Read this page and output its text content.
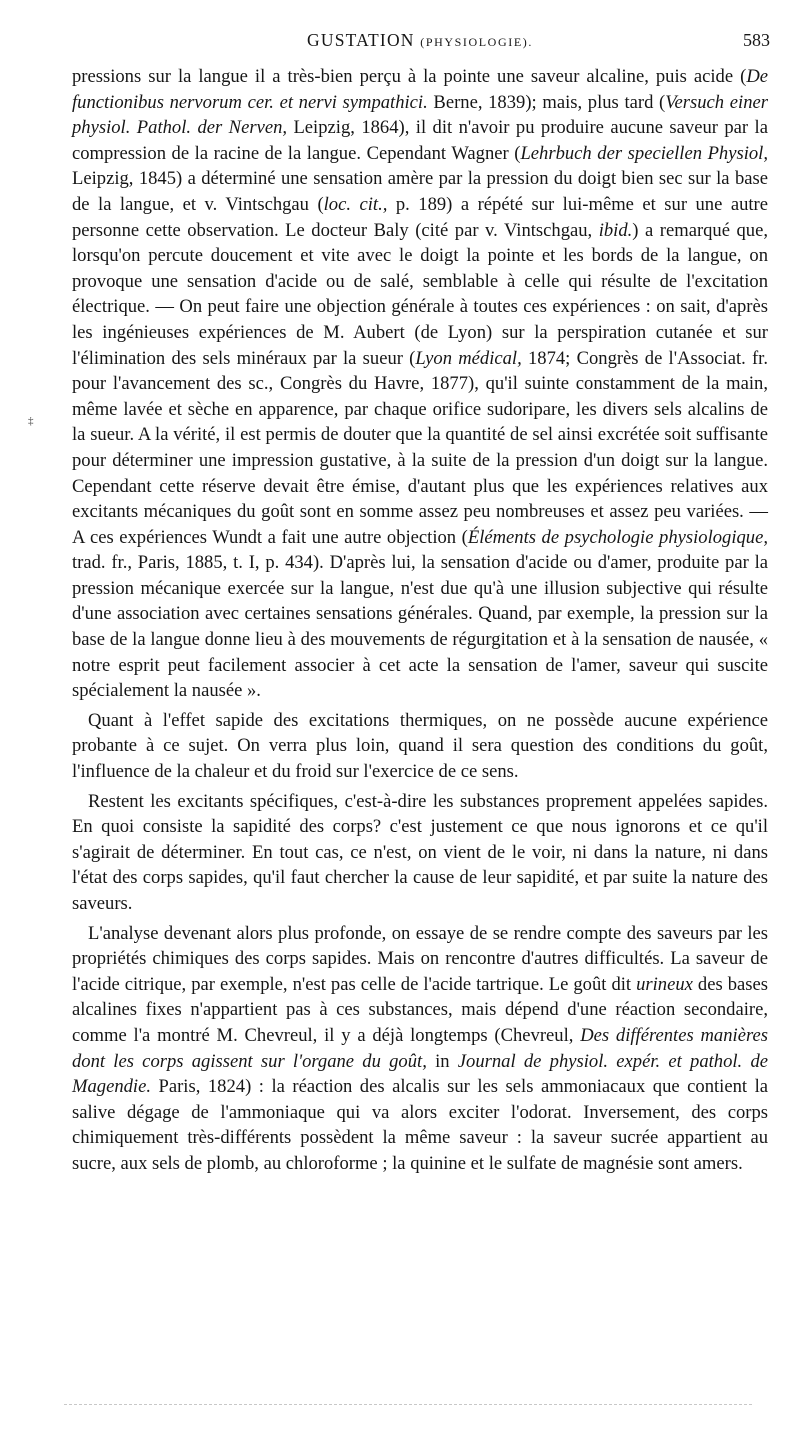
‡
GUSTATION (PHYSIOLOGIE).	583

pressions sur la langue il a très-bien perçu à la pointe une saveur alcaline, puis acide (De functionibus nervorum cer. et nervi sympathici. Berne, 1839); mais, plus tard (Versuch einer physiol. Pathol. der Nerven, Leipzig, 1864), il dit n'avoir pu produire aucune saveur par la compression de la racine de la langue. Cependant Wagner (Lehrbuch der speciellen Physiol, Leipzig, 1845) a déterminé une sensation amère par la pression du doigt bien sec sur la base de la langue, et v. Vintschgau (loc. cit., p. 189) a répété sur lui-même et sur une autre personne cette observation. Le docteur Baly (cité par v. Vintschgau, ibid.) a remarqué que, lorsqu'on percute doucement et vite avec le doigt la pointe et les bords de la langue, on provoque une sensation d'acide ou de salé, semblable à celle qui résulte de l'excitation électrique. — On peut faire une objection générale à toutes ces expériences : on sait, d'après les ingénieuses expériences de M. Aubert (de Lyon) sur la perspiration cutanée et sur l'élimination des sels minéraux par la sueur (Lyon médical, 1874; Congrès de l'Associat. fr. pour l'avancement des sc., Congrès du Havre, 1877), qu'il suinte constamment de la main, même lavée et sèche en apparence, par chaque orifice sudoripare, les divers sels alcalins de la sueur. A la vérité, il est permis de douter que la quantité de sel ainsi excrétée soit suffisante pour déterminer une impression gustative, à la suite de la pression d'un doigt sur la langue. Cependant cette réserve devait être émise, d'autant plus que les expériences relatives aux excitants mécaniques du goût sont en somme assez peu nombreuses et assez peu variées. — A ces expériences Wundt a fait une autre objection (Éléments de psychologie physiologique, trad. fr., Paris, 1885, t. I, p. 434). D'après lui, la sensation d'acide ou d'amer, produite par la pression mécanique exercée sur la langue, n'est due qu'à une illusion subjective qui résulte d'une association avec certaines sensations générales. Quand, par exemple, la pression sur la base de la langue donne lieu à des mouvements de régurgitation et à la sensation de nausée, « notre esprit peut facilement associer à cet acte la sensation de l'amer, saveur qui suscite spécialement la nausée ».

Quant à l'effet sapide des excitations thermiques, on ne possède aucune expérience probante à ce sujet. On verra plus loin, quand il sera question des conditions du goût, l'influence de la chaleur et du froid sur l'exercice de ce sens.

Restent les excitants spécifiques, c'est-à-dire les substances proprement appelées sapides. En quoi consiste la sapidité des corps? c'est justement ce que nous ignorons et ce qu'il s'agirait de déterminer. En tout cas, ce n'est, on vient de le voir, ni dans la nature, ni dans l'état des corps sapides, qu'il faut chercher la cause de leur sapidité, et par suite la nature des saveurs.

L'analyse devenant alors plus profonde, on essaye de se rendre compte des saveurs par les propriétés chimiques des corps sapides. Mais on rencontre d'autres difficultés. La saveur de l'acide citrique, par exemple, n'est pas celle de l'acide tartrique. Le goût dit urineux des bases alcalines fixes n'appartient pas à ces substances, mais dépend d'une réaction secondaire, comme l'a montré M. Chevreul, il y a déjà longtemps (Chevreul, Des différentes manières dont les corps agissent sur l'organe du goût, in Journal de physiol. expér. et pathol. de Magendie. Paris, 1824) : la réaction des alcalis sur les sels ammoniacaux que contient la salive dégage de l'ammoniaque qui va alors exciter l'odorat. Inversement, des corps chimiquement très-différents possèdent la même saveur : la saveur sucrée appartient au sucre, aux sels de plomb, au chloroforme ; la quinine et le sulfate de magnésie sont amers.
